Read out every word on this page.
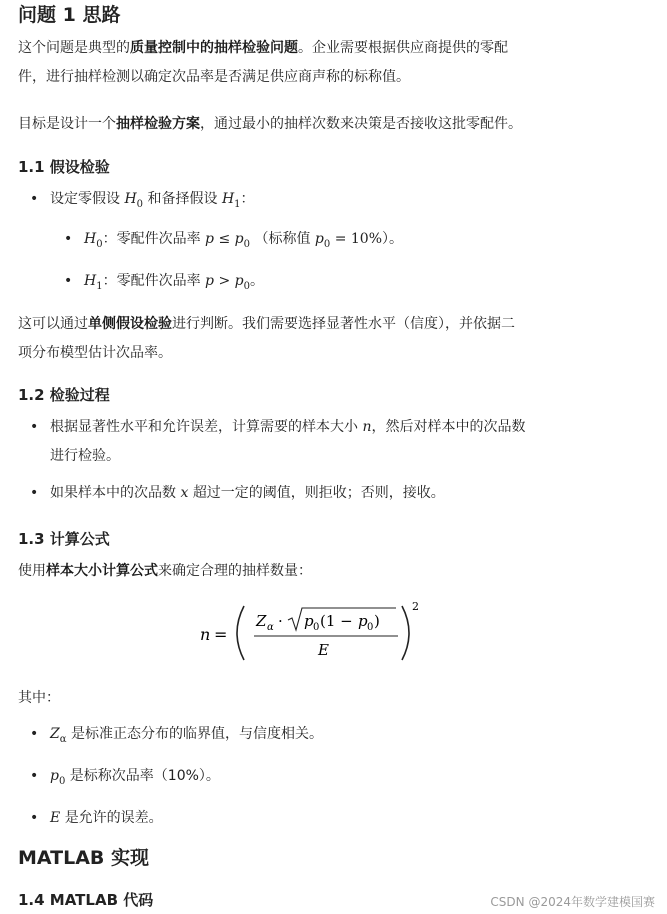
问题 1 思路

这个问题是典型的质量控制中的抽样检验问题。企业需要根据供应商提供的零配
件，进行抽样检测以确定次品率是否满足供应商声称的标称值。

目标是设计一个抽样检验方案，通过最小的抽样次数来决策是否接收这批零配件。

1.1 假设检验
• 设定零假设 $H_0$ 和备择假设 $H_1$：
• $H_0$：零配件次品率 $p \le p_0$ （标称值 $p_0 = 10\%$）。
• $H_1$：零配件次品率 $p > p_0$。

这可以通过单侧假设检验进行判断。我们需要选择显著性水平（信度），并依据二
项分布模型估计次品率。

1.2 检验过程
• 根据显著性水平和允许误差，计算需要的样本大小 n，然后对样本中的次品数
进行检验。
• 如果样本中的次品数 x 超过一定的阈值，则拒收；否则，接收。
1.3 计算公式

使用样本大小计算公式来确定合理的抽样数量：

n =
Z α · p 0 (1 − p 0 )
E
2

其中：

• $Z_\alpha$ 是标准正态分布的临界值，与信度相关。
• $p_0$ 是标称次品率（10%）。
• E 是允许的误差。
MATLAB 实现
1.4 MATLAB 代码	CSDN @2024年数学建模国赛
